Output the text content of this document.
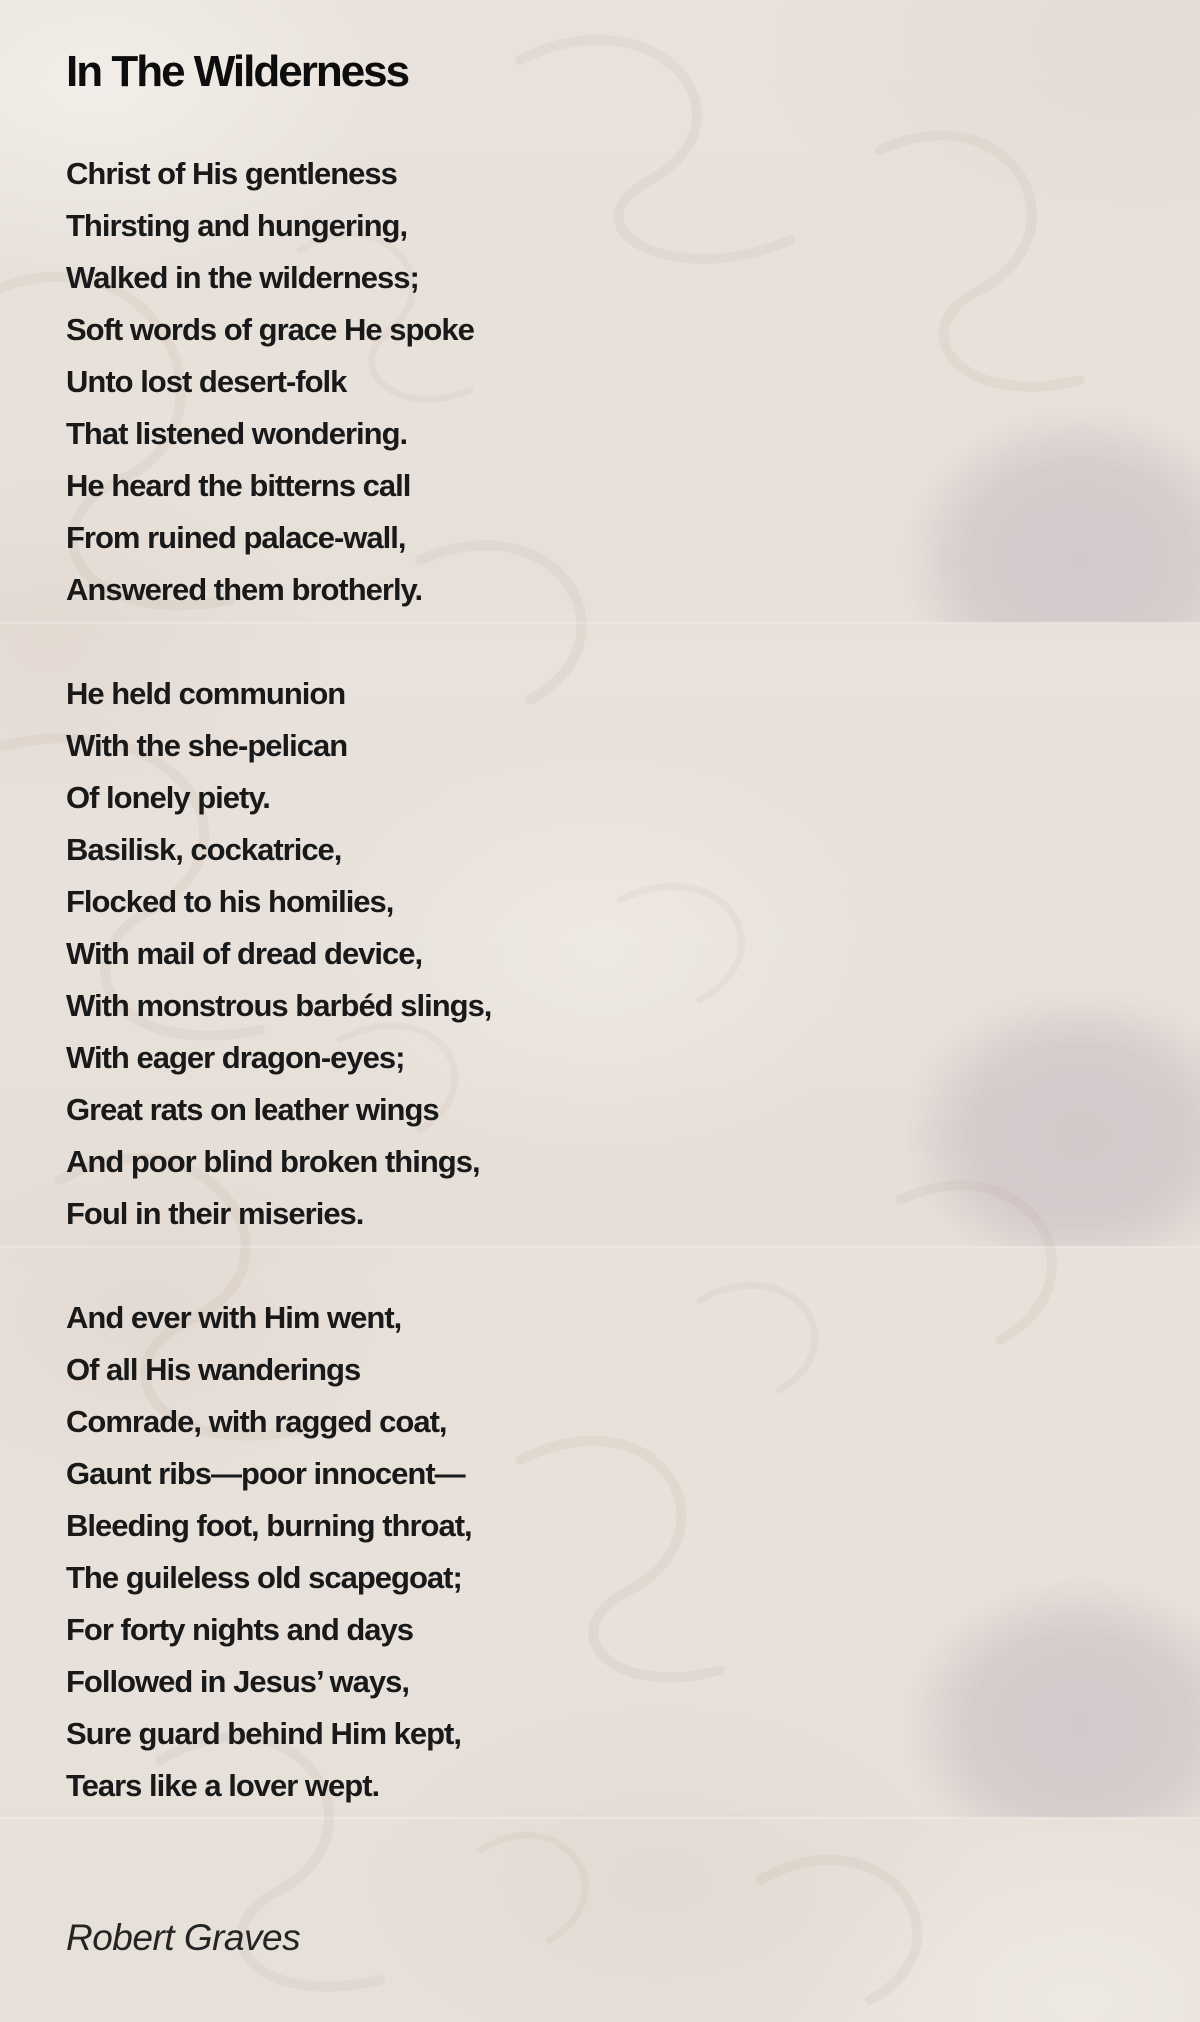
In The Wilderness

Christ of His gentleness
Thirsting and hungering,
Walked in the wilderness;
Soft words of grace He spoke
Unto lost desert-folk
That listened wondering.
He heard the bitterns call
From ruined palace-wall,
Answered them brotherly.

He held communion
With the she-pelican
Of lonely piety.
Basilisk, cockatrice,
Flocked to his homilies,
With mail of dread device,
With monstrous barbéd slings,
With eager dragon-eyes;
Great rats on leather wings
And poor blind broken things,
Foul in their miseries.

And ever with Him went,
Of all His wanderings
Comrade, with ragged coat,
Gaunt ribs—poor innocent—
Bleeding foot, burning throat,
The guileless old scapegoat;
For forty nights and days
Followed in Jesus’ ways,
Sure guard behind Him kept,
Tears like a lover wept.

Robert Graves
